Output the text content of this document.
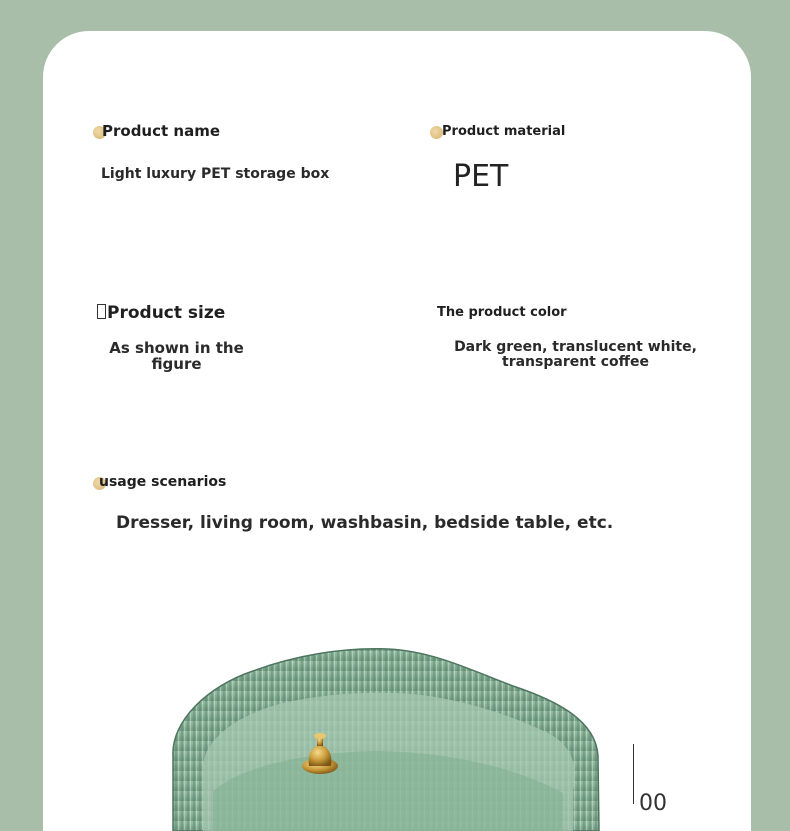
Product name
Light luxury PET storage box
Product material
PET
Product size
As shown in the figure
The product color
Dark green, translucent white, transparent coffee
usage scenarios
Dresser, living room, washbasin, bedside table, etc.
00
